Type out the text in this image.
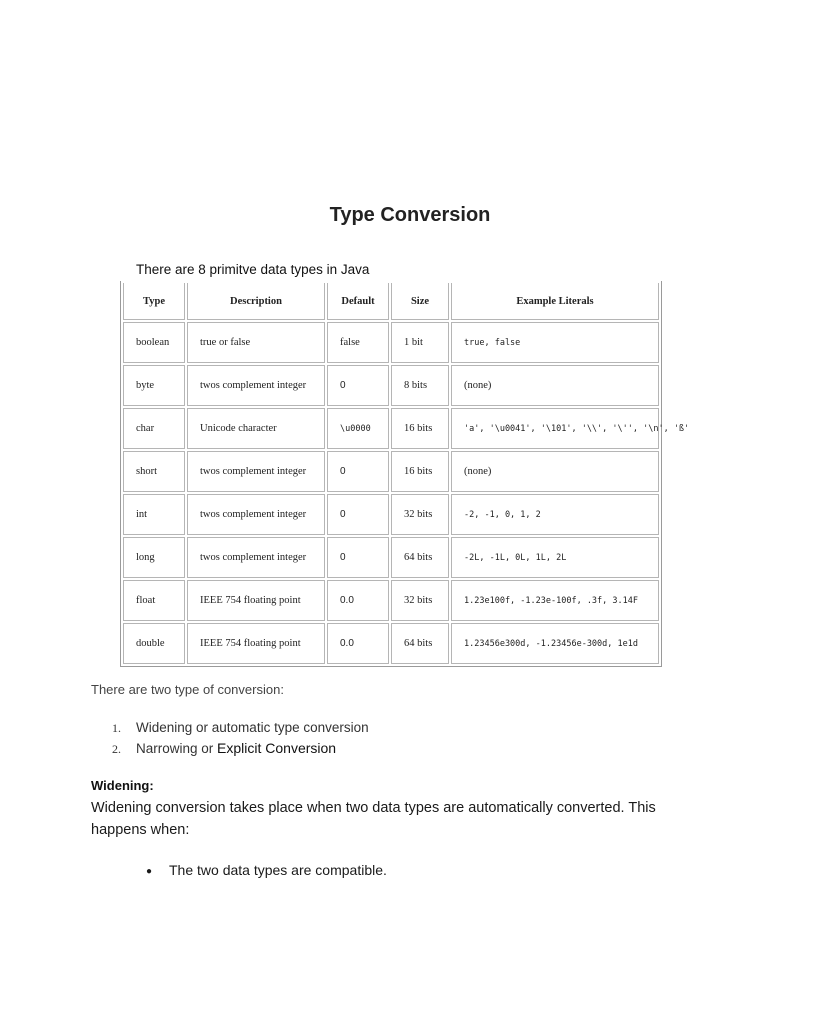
Type Conversion

There are 8 primitve data types in Java

Type	Description	Default	Size	Example Literals
boolean	true or false	false	1 bit	true, false
byte	twos complement integer	0	8 bits	(none)
char	Unicode character	\u0000	16 bits	'a', '\u0041', '\101', '\\', '\'', '\n', 'ß'
short	twos complement integer	0	16 bits	(none)
int	twos complement integer	0	32 bits	-2, -1, 0, 1, 2
long	twos complement integer	0	64 bits	-2L, -1L, 0L, 1L, 2L
float	IEEE 754 floating point	0.0	32 bits	1.23e100f, -1.23e-100f, .3f, 3.14F
double	IEEE 754 floating point	0.0	64 bits	1.23456e300d, -1.23456e-300d, 1e1d

There are two type of conversion:

1. Widening or automatic type conversion
2. Narrowing or Explicit Conversion

Widening:

Widening conversion takes place when two data types are automatically converted. This happens when:

● The two data types are compatible.
